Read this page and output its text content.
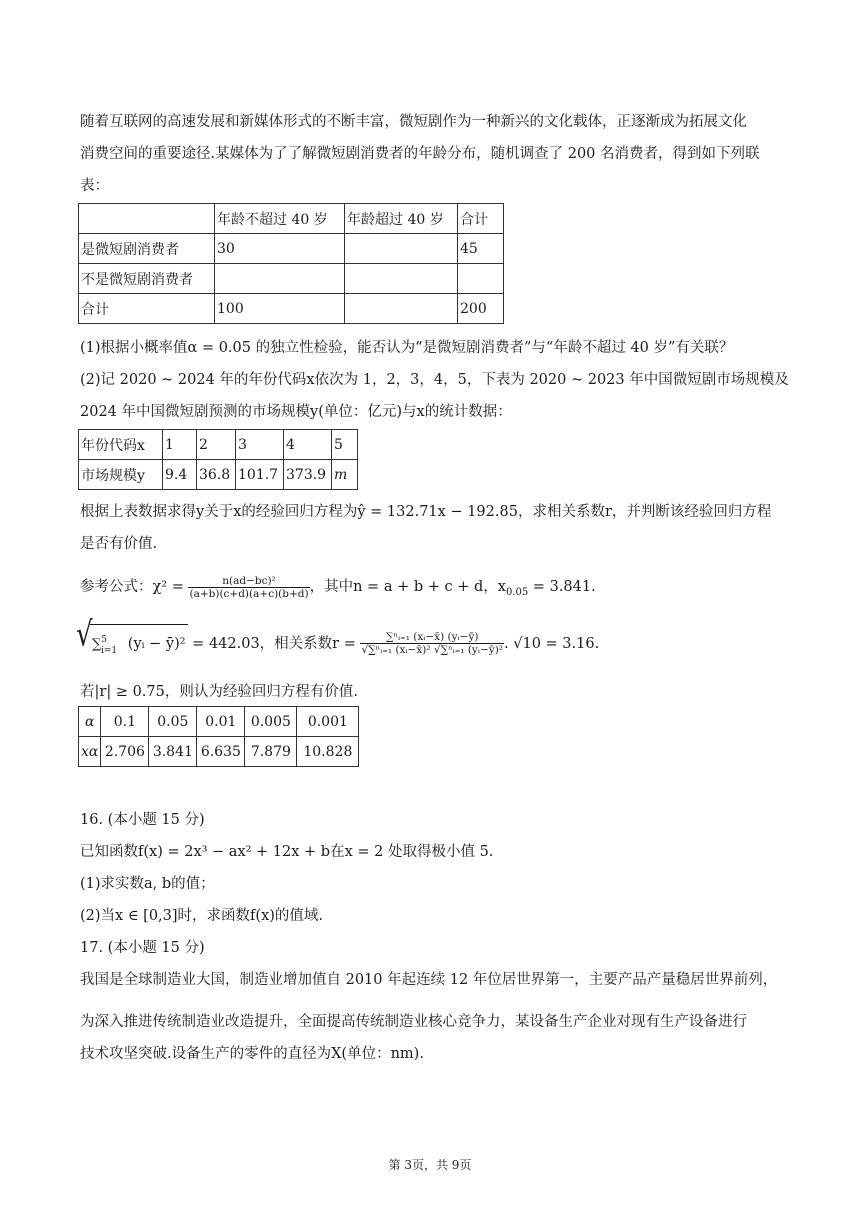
随着互联网的高速发展和新媒体形式的不断丰富，微短剧作为一种新兴的文化载体，正逐渐成为拓展文化
消费空间的重要途径.某媒体为了了解微短剧消费者的年龄分布，随机调查了 200 名消费者，得到如下列联
表：
	年龄不超过 40 岁	年龄超过 40 岁	合计
是微短剧消费者	30		45
不是微短剧消费者			
合计	100		200
(1)根据小概率值α = 0.05 的独立性检验，能否认为“是微短剧消费者”与“年龄不超过 40 岁”有关联？
(2)记 2020 ~ 2024 年的年份代码x依次为 1，2，3，4，5，下表为 2020 ~ 2023 年中国微短剧市场规模及
2024 年中国微短剧预测的市场规模y(单位：亿元)与x的统计数据：
年份代码x	1	2	3	4	5
市场规模y	9.4	36.8	101.7	373.9	m
根据上表数据求得y关于x的经验回归方程为ŷ = 132.71x − 192.85，求相关系数r，并判断该经验回归方程
是否有价值.
参考公式：$\chi^2 = \frac{\text{n(ad−bc)²}}{(a+b)(c+d)(a+c)(b+d)}$ ，其中n = a + b + c + d，$x_{0.05} = 3.841$.
√ ∑$^5_{i=1}$ (yᵢ − ȳ)² = 442.03，相关系数$r = \frac{\text{∑ⁿᵢ₌₁ (xᵢ−x̄) (yᵢ−ȳ)}}{\text{√∑ⁿᵢ₌₁ (xᵢ−x̄)² √∑ⁿᵢ₌₁ (yᵢ−ȳ)²}}$ . √10 = 3.16.
若|r| ≥ 0.75，则认为经验回归方程有价值.
α	0.1	0.05	0.01	0.005	0.001
xα	2.706	3.841	6.635	7.879	10.828
16. (本小题 15 分)
已知函数f(x) = 2x³ − ax² + 12x + b在x = 2 处取得极小值 5.
(1)求实数a, b的值；
(2)当x ∈ [0,3]时，求函数f(x)的值域.
17. (本小题 15 分)
我国是全球制造业大国，制造业增加值自 2010 年起连续 12 年位居世界第一，主要产品产量稳居世界前列，
为深入推进传统制造业改造提升，全面提高传统制造业核心竞争力，某设备生产企业对现有生产设备进行
技术攻坚突破.设备生产的零件的直径为X(单位：nm).
第 3页，共 9页
